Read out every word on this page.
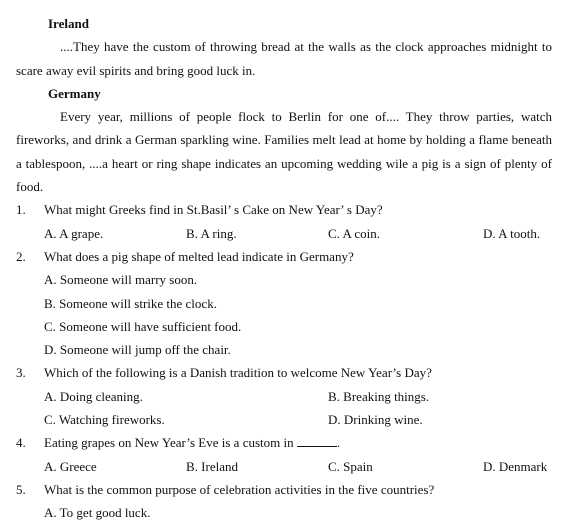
Ireland
....They have the custom of throwing bread at the walls as the clock approaches midnight to scare away evil spirits and bring good luck in.
Germany
Every year, millions of people flock to Berlin for one of.... They throw parties, watch fireworks, and drink a German sparkling wine. Families melt lead at home by holding a flame beneath a tablespoon, ....a heart or ring shape indicates an upcoming wedding wile a pig is a sign of plenty of food.
1. What might Greeks find in St.Basil’ s Cake on New Year’ s Day?
A. A grape.	B. A ring.	C. A coin.	D. A tooth.
2. What does a pig shape of melted lead indicate in Germany?
A. Someone will marry soon.
B. Someone will strike the clock.
C. Someone will have sufficient food.
D. Someone will jump off the chair.
3. Which of the following is a Danish tradition to welcome New Year’s Day?
A. Doing cleaning.	B. Breaking things.
C. Watching fireworks.	D. Drinking wine.
4. Eating grapes on New Year’s Eve is a custom in	.
A. Greece	B. Ireland	C. Spain	D. Denmark
5. What is the common purpose of celebration activities in the five countries?
A. To get good luck.
